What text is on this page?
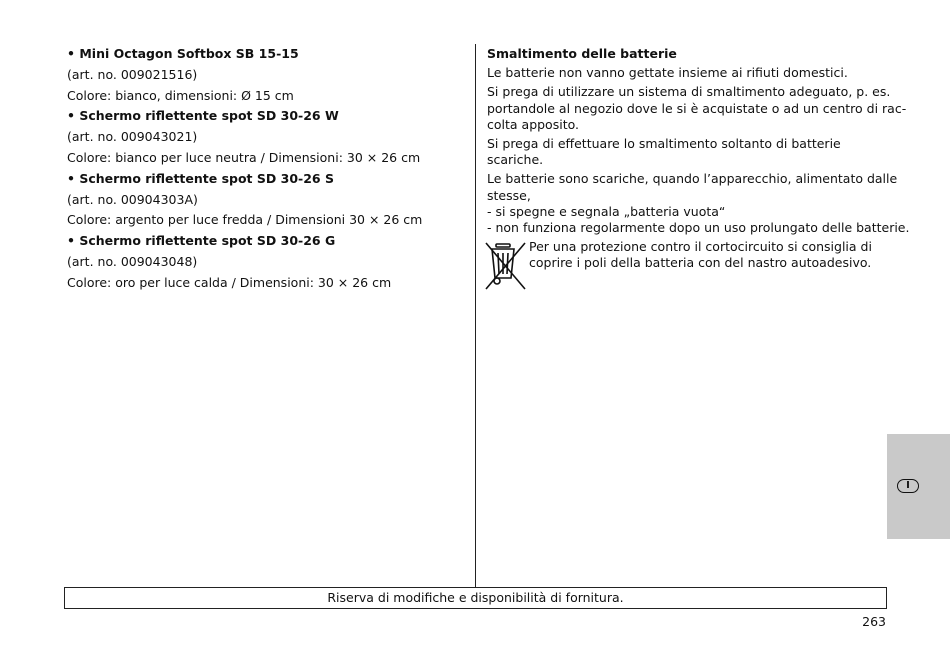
• Mini Octagon Softbox SB 15-15
(art. no. 009021516)
Colore: bianco, dimensioni: Ø 15 cm
• Schermo riflettente spot SD 30-26 W
(art. no. 009043021)
Colore: bianco per luce neutra / Dimensioni: 30 × 26 cm
• Schermo riflettente spot SD 30-26 S
(art. no. 00904303A)
Colore: argento per luce fredda / Dimensioni 30 × 26 cm
• Schermo riflettente spot SD 30-26 G
(art. no. 009043048)
Colore: oro per luce calda / Dimensioni: 30 × 26 cm
Smaltimento delle batterie

Le batterie non vanno gettate insieme ai rifiuti domestici.

Si prega di utilizzare un sistema di smaltimento adeguato, p. es.
portandole al negozio dove le si è acquistate o ad un centro di rac-
colta apposito.

Si prega di effettuare lo smaltimento soltanto di batterie scariche.

Le batterie sono scariche, quando l’apparecchio, alimentato dalle
stesse,
- si spegne e segnala „batteria vuota“
- non funziona regolarmente dopo un uso prolungato delle batterie.

Per una protezione contro il cortocircuito si consiglia di
coprire i poli della batteria con del nastro autoadesivo.
I
Riserva di modifiche e disponibilità di fornitura.
263
